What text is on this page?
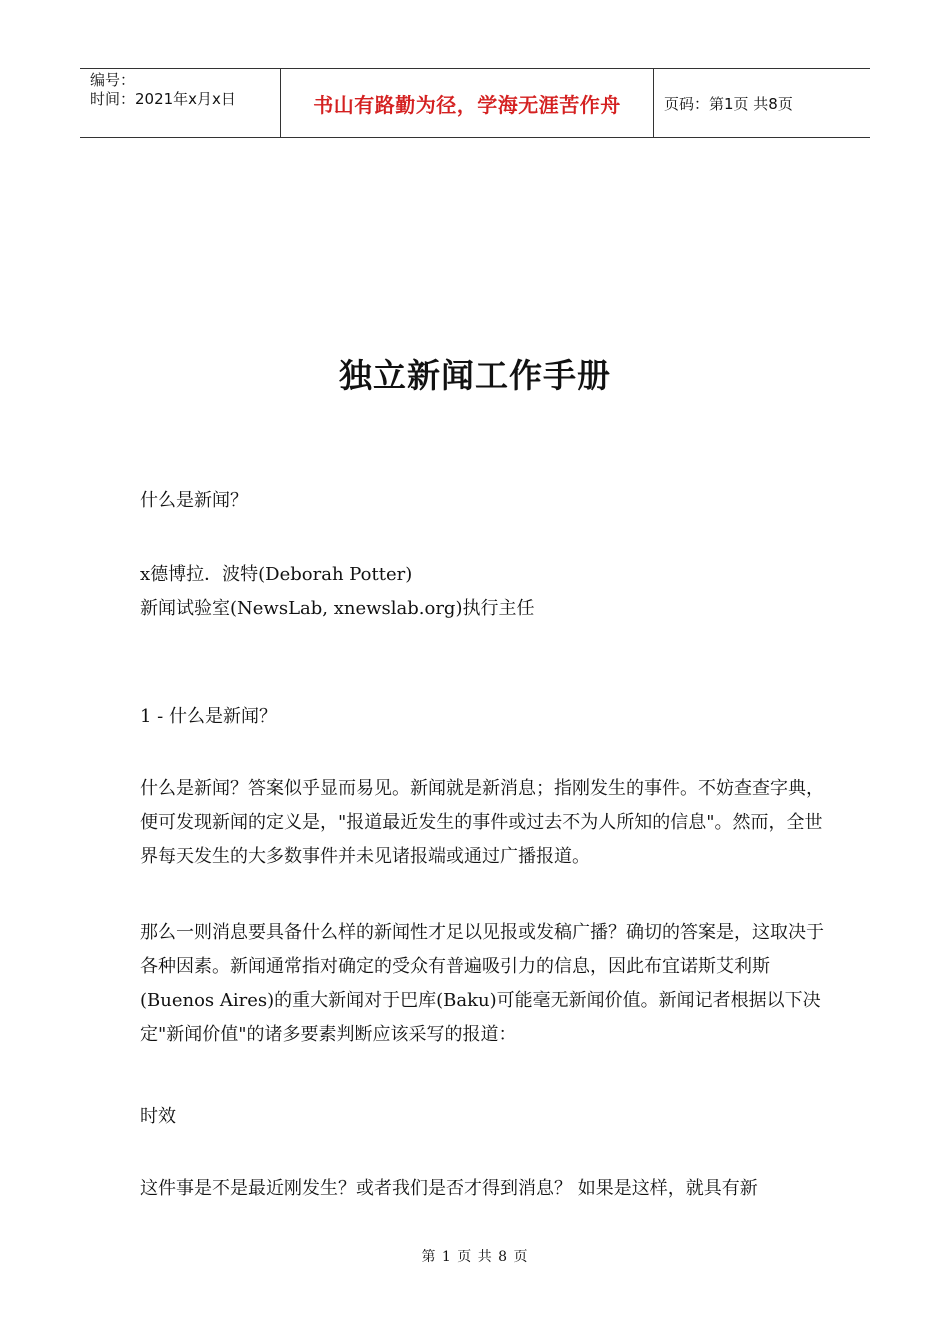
编号：
时间：2021年x月x日	书山有路勤为径，学海无涯苦作舟	页码：第1页 共8页
独立新闻工作手册

什么是新闻？

x德博拉．波特(Deborah Potter)

新闻试验室(NewsLab, xnewslab.org)执行主任

1 - 什么是新闻？

什么是新闻？答案似乎显而易见。新闻就是新消息；指刚发生的事件。不妨查查字典，便可发现新闻的定义是，"报道最近发生的事件或过去不为人所知的信息"。然而，全世界每天发生的大多数事件并未见诸报端或通过广播报道。

那么一则消息要具备什么样的新闻性才足以见报或发稿广播？确切的答案是，这取决于各种因素。新闻通常指对确定的受众有普遍吸引力的信息，因此布宜诺斯艾利斯(Buenos Aires)的重大新闻对于巴库(Baku)可能毫无新闻价值。新闻记者根据以下决定"新闻价值"的诸多要素判断应该采写的报道：

时效

这件事是不是最近刚发生？或者我们是否才得到消息？ 如果是这样，就具有新

第 1 页 共 8 页
